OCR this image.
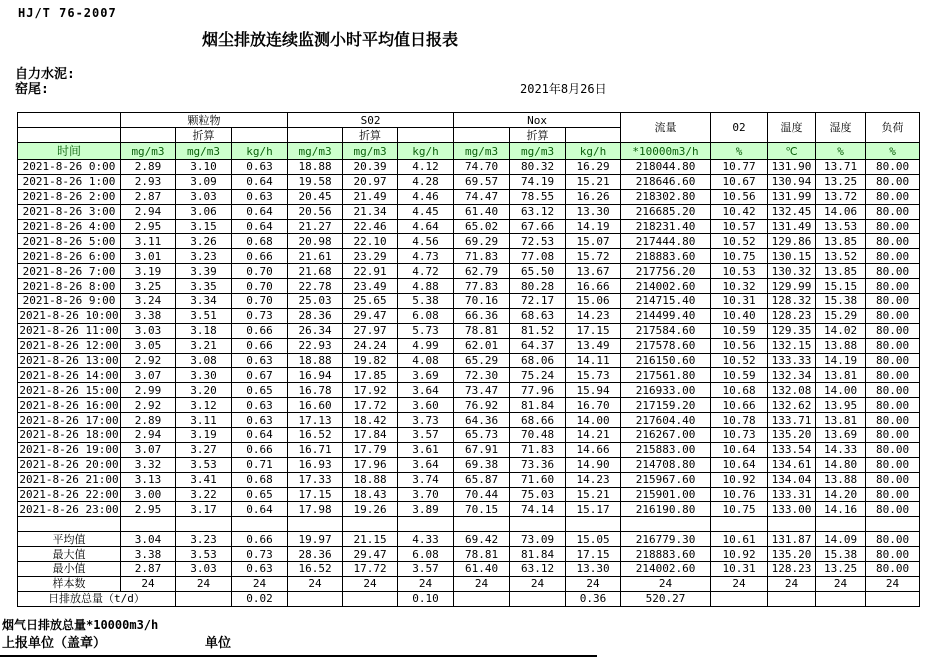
HJ/T 76-2007
烟尘排放连续监测小时平均值日报表
自力水泥:
窑尾:	2021年8月26日
	颗粒物			S02			Nox			流量	02	温度	湿度	负荷
		折算			折算			折算						
时间	mg/m3	mg/m3	kg/h	mg/m3	mg/m3	kg/h	mg/m3	mg/m3	kg/h	*10000m3/h	%	℃	%	%
2021-8-26 0:00	2.89	3.10	0.63	18.88	20.39	4.12	74.70	80.32	16.29	218044.80	10.77	131.90	13.71	80.00
2021-8-26 1:00	2.93	3.09	0.64	19.58	20.97	4.28	69.57	74.19	15.21	218646.60	10.67	130.94	13.25	80.00
2021-8-26 2:00	2.87	3.03	0.63	20.45	21.49	4.46	74.47	78.55	16.26	218302.80	10.56	131.99	13.72	80.00
2021-8-26 3:00	2.94	3.06	0.64	20.56	21.34	4.45	61.40	63.12	13.30	216685.20	10.42	132.45	14.06	80.00
2021-8-26 4:00	2.95	3.15	0.64	21.27	22.46	4.64	65.02	67.66	14.19	218231.40	10.57	131.49	13.53	80.00
2021-8-26 5:00	3.11	3.26	0.68	20.98	22.10	4.56	69.29	72.53	15.07	217444.80	10.52	129.86	13.85	80.00
2021-8-26 6:00	3.01	3.23	0.66	21.61	23.29	4.73	71.83	77.08	15.72	218883.60	10.75	130.15	13.52	80.00
2021-8-26 7:00	3.19	3.39	0.70	21.68	22.91	4.72	62.79	65.50	13.67	217756.20	10.53	130.32	13.85	80.00
2021-8-26 8:00	3.25	3.35	0.70	22.78	23.49	4.88	77.83	80.28	16.66	214002.60	10.32	129.99	15.15	80.00
2021-8-26 9:00	3.24	3.34	0.70	25.03	25.65	5.38	70.16	72.17	15.06	214715.40	10.31	128.32	15.38	80.00
2021-8-26 10:00	3.38	3.51	0.73	28.36	29.47	6.08	66.36	68.63	14.23	214499.40	10.40	128.23	15.29	80.00
2021-8-26 11:00	3.03	3.18	0.66	26.34	27.97	5.73	78.81	81.52	17.15	217584.60	10.59	129.35	14.02	80.00
2021-8-26 12:00	3.05	3.21	0.66	22.93	24.24	4.99	62.01	64.37	13.49	217578.60	10.56	132.15	13.88	80.00
2021-8-26 13:00	2.92	3.08	0.63	18.88	19.82	4.08	65.29	68.06	14.11	216150.60	10.52	133.33	14.19	80.00
2021-8-26 14:00	3.07	3.30	0.67	16.94	17.85	3.69	72.30	75.24	15.73	217561.80	10.59	132.34	13.81	80.00
2021-8-26 15:00	2.99	3.20	0.65	16.78	17.92	3.64	73.47	77.96	15.94	216933.00	10.68	132.08	14.00	80.00
2021-8-26 16:00	2.92	3.12	0.63	16.60	17.72	3.60	76.92	81.84	16.70	217159.20	10.66	132.62	13.95	80.00
2021-8-26 17:00	2.89	3.11	0.63	17.13	18.42	3.73	64.36	68.66	14.00	217604.40	10.78	133.71	13.81	80.00
2021-8-26 18:00	2.94	3.19	0.64	16.52	17.84	3.57	65.73	70.48	14.21	216267.00	10.73	135.20	13.69	80.00
2021-8-26 19:00	3.07	3.27	0.66	16.71	17.79	3.61	67.91	71.83	14.66	215883.00	10.64	133.54	14.33	80.00
2021-8-26 20:00	3.32	3.53	0.71	16.93	17.96	3.64	69.38	73.36	14.90	214708.80	10.64	134.61	14.80	80.00
2021-8-26 21:00	3.13	3.41	0.68	17.33	18.88	3.74	65.87	71.60	14.23	215967.60	10.92	134.04	13.88	80.00
2021-8-26 22:00	3.00	3.22	0.65	17.15	18.43	3.70	70.44	75.03	15.21	215901.00	10.76	133.31	14.20	80.00
2021-8-26 23:00	2.95	3.17	0.64	17.98	19.26	3.89	70.15	74.14	15.17	216190.80	10.75	133.00	14.16	80.00

平均值	3.04	3.23	0.66	19.97	21.15	4.33	69.42	73.09	15.05	216779.30	10.61	131.87	14.09	80.00
最大值	3.38	3.53	0.73	28.36	29.47	6.08	78.81	81.84	17.15	218883.60	10.92	135.20	15.38	80.00
最小值	2.87	3.03	0.63	16.52	17.72	3.57	61.40	63.12	13.30	214002.60	10.31	128.23	13.25	80.00
样本数	24	24	24	24	24	24	24	24	24	24	24	24	24	24
日排放总量（t/d）			0.02			0.10			0.36	520.27				
烟气日排放总量*10000m3/h
上报单位（盖章）	单位
